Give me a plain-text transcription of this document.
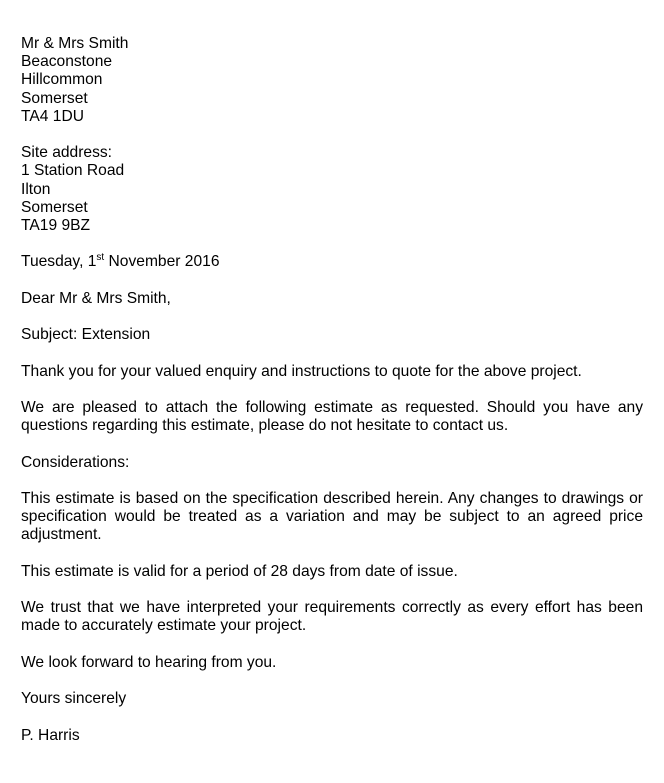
Mr & Mrs Smith
Beaconstone
Hillcommon
Somerset
TA4 1DU
Site address:
1 Station Road
Ilton
Somerset
TA19 9BZ
Tuesday, 1st November 2016
Dear Mr & Mrs Smith,
Subject: Extension

Thank you for your valued enquiry and instructions to quote for the above project.

We are pleased to attach the following estimate as requested. Should you have any questions regarding this estimate, please do not hesitate to contact us.

Considerations:

This estimate is based on the specification described herein. Any changes to drawings or specification would be treated as a variation and may be subject to an agreed price adjustment.

This estimate is valid for a period of 28 days from date of issue.

We trust that we have interpreted your requirements correctly as every effort has been made to accurately estimate your project.

We look forward to hearing from you.

Yours sincerely

P. Harris
